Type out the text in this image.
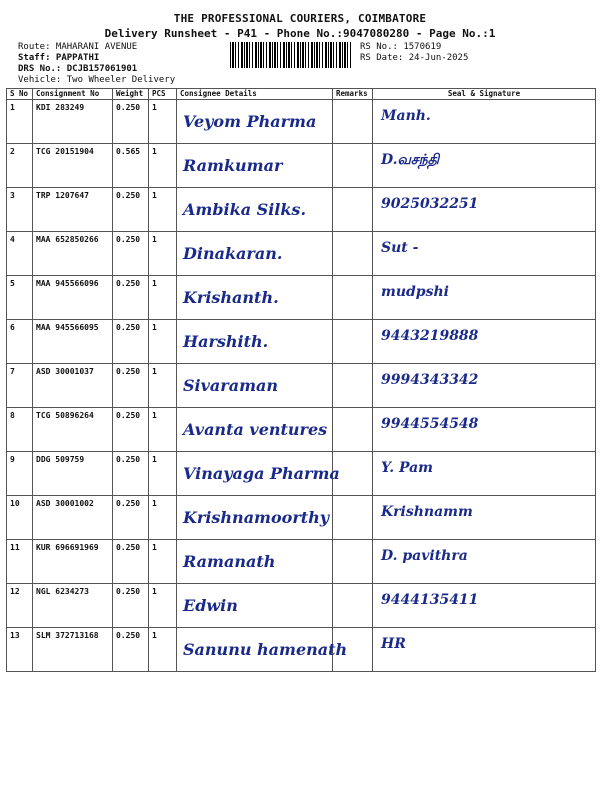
THE PROFESSIONAL COURIERS, COIMBATORE
Delivery Runsheet - P41 - Phone No.:9047080280 - Page No.:1
Route: MAHARANI AVENUE
Staff: PAPPATHI
DRS No.: DCJB157061901
Vehicle: Two Wheeler Delivery
RS No.: 1570619
RS Date: 24-Jun-2025
S No	Consignment No	Weight	PCS	Consignee Details	Remarks	Seal & Signature
1	KDI 283249	0.250	1	Veyom Pharma		Manh.

2	TCG 20151904	0.565	1	Ramkumar		D.வசந்தி

3	TRP 1207647	0.250	1	Ambika Silks.		9025032251

4	MAA 652850266	0.250	1	Dinakaran.		Sut -

5	MAA 945566096	0.250	1	Krishanth.		mudpshi

6	MAA 945566095	0.250	1	Harshith.		9443219888

7	ASD 30001037	0.250	1	Sivaraman		9994343342

8	TCG 50896264	0.250	1	Avanta ventures		9944554548

9	DDG 509759	0.250	1	Vinayaga Pharma		Y. Pam

10	ASD 30001002	0.250	1	Krishnamoorthy		Krishnamm

11	KUR 696691969	0.250	1	Ramanath		D. pavithra

12	NGL 6234273	0.250	1	Edwin		9444135411

13	SLM 372713168	0.250	1	Sanunu hamenath		HR
